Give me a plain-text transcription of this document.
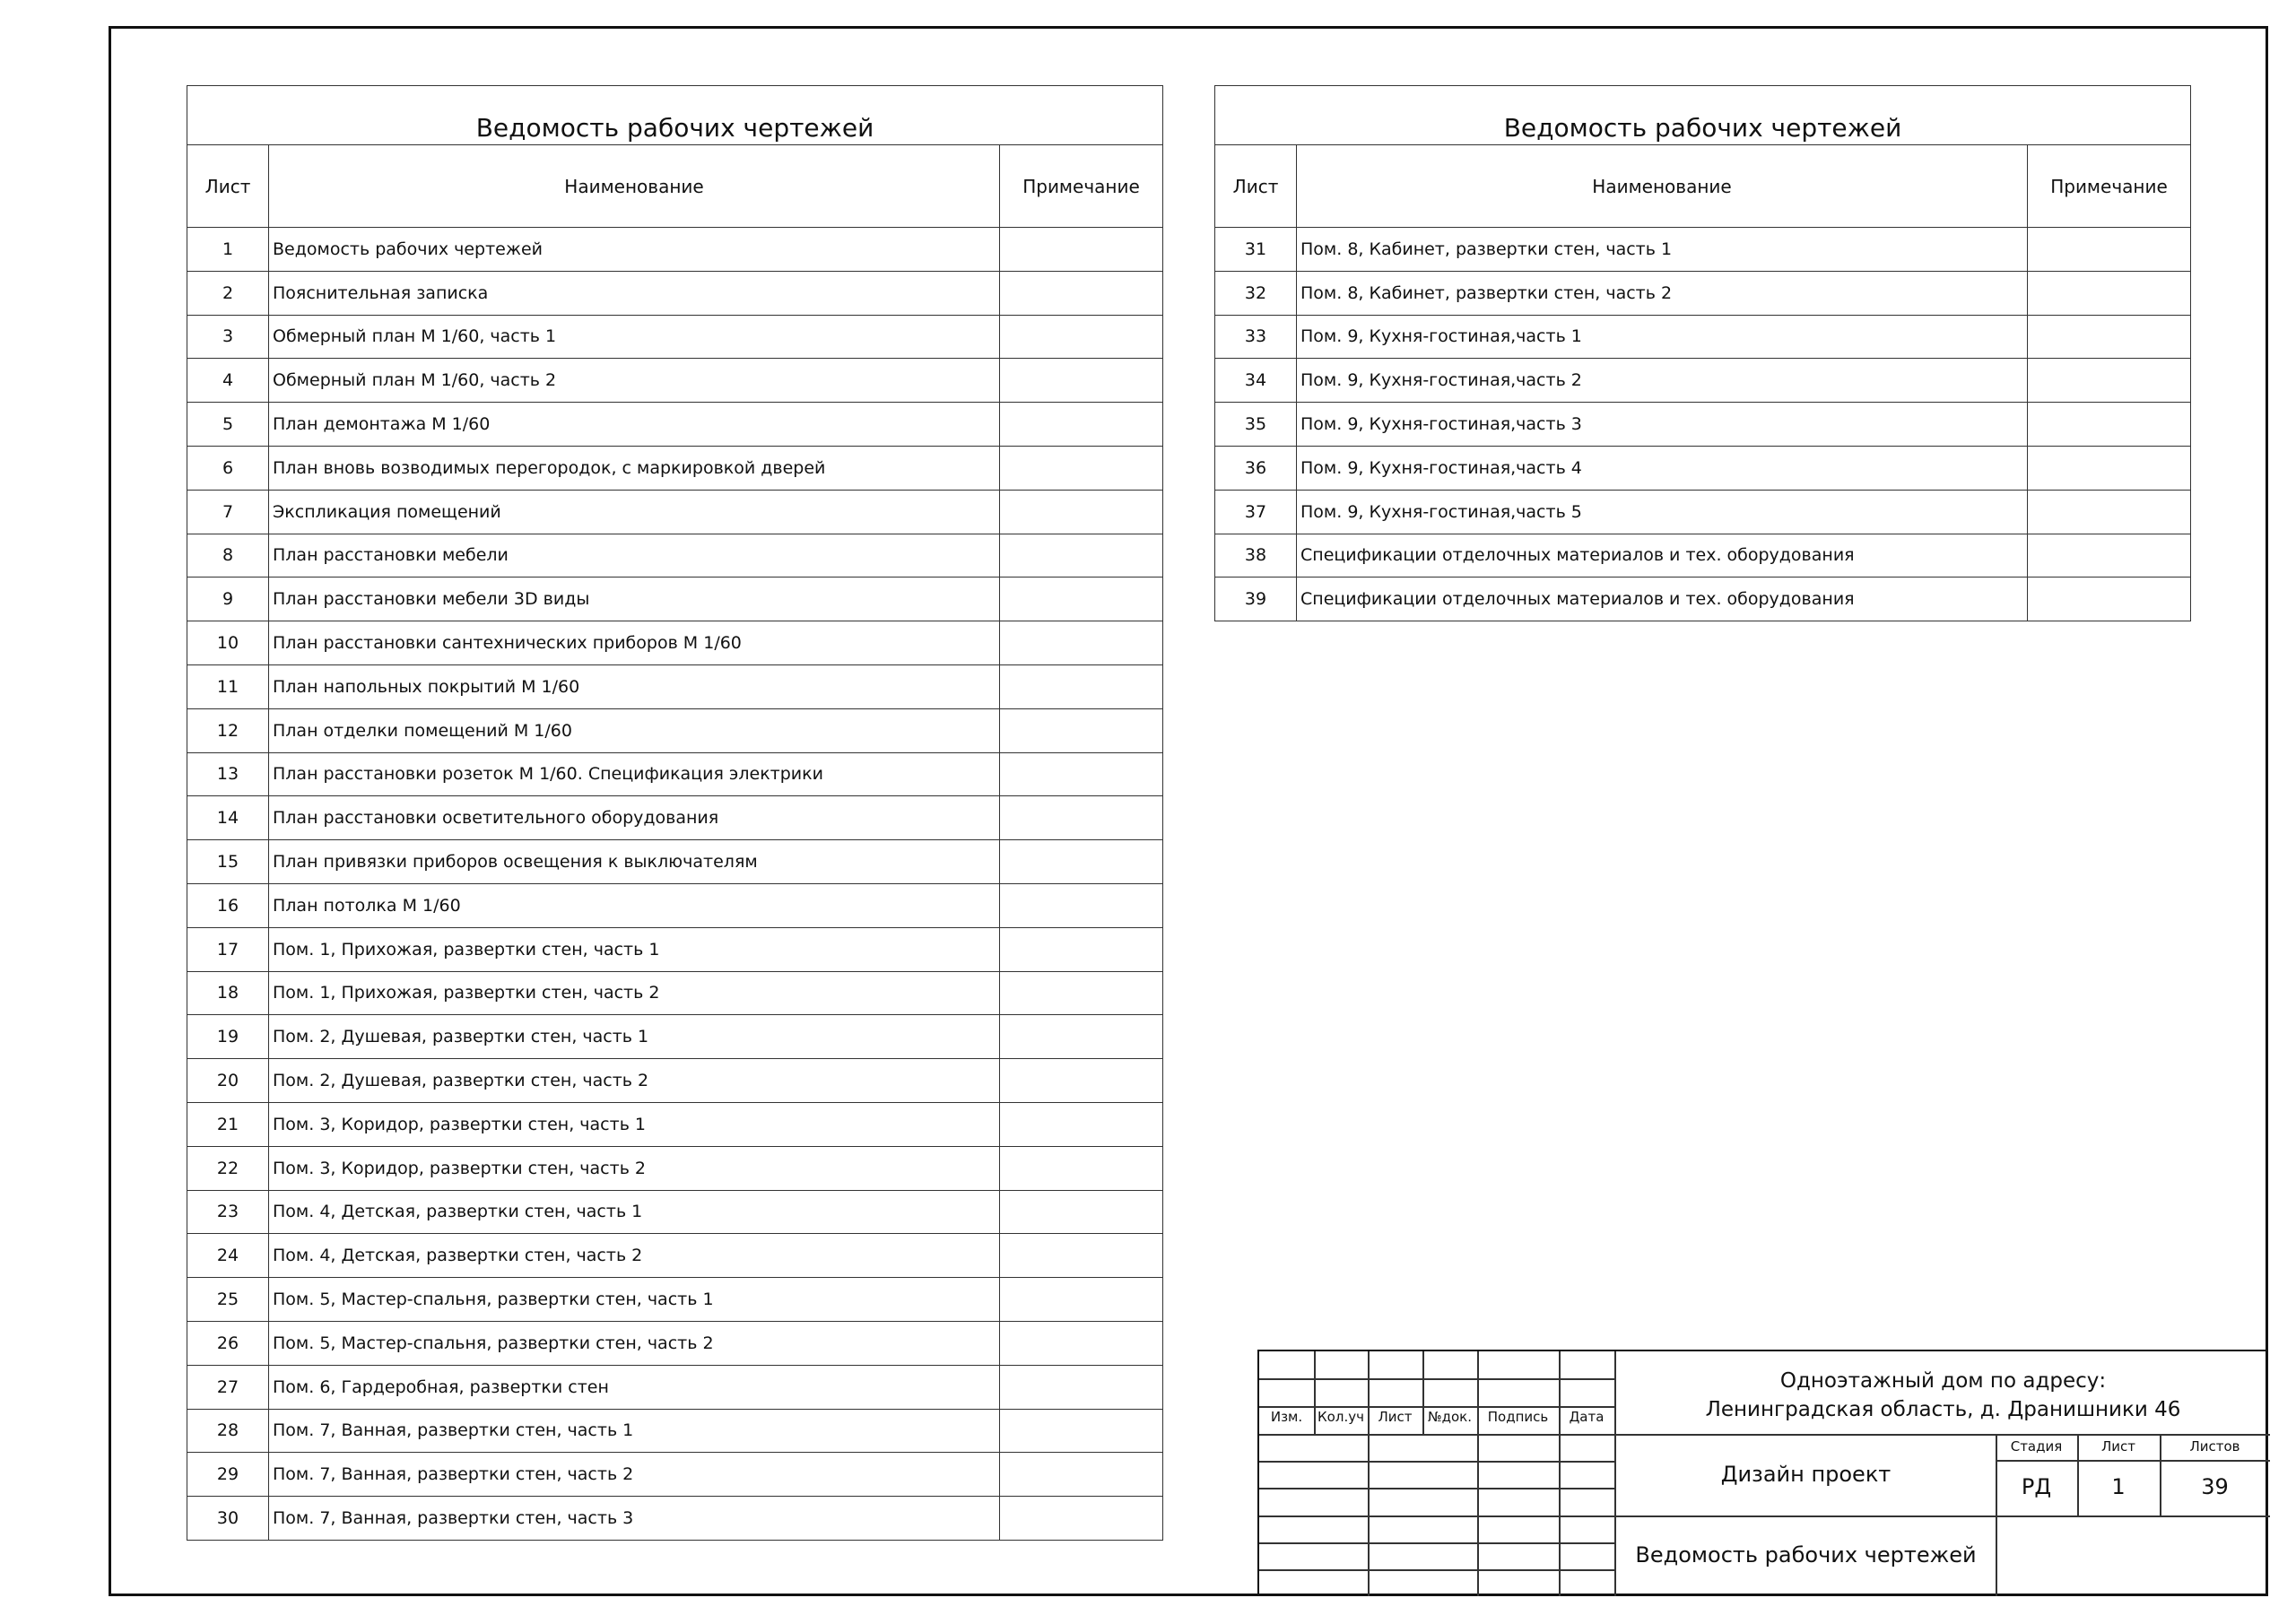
Ведомость рабочих чертежей		
Лист	Наименование	Примечание
1	Ведомость рабочих чертежей	
2	Пояснительная записка	
3	Обмерный план М 1/60, часть 1	
4	Обмерный план М 1/60, часть 2	
5	План демонтажа М 1/60	
6	План вновь возводимых перегородок, с маркировкой дверей	
7	Экспликация помещений	
8	План расстановки мебели	
9	План расстановки мебели 3D виды	
10	План расстановки сантехнических приборов М 1/60	
11	План напольных покрытий М 1/60	
12	План отделки помещений М 1/60	
13	План расстановки розеток М 1/60. Спецификация электрики	
14	План расстановки осветительного оборудования	
15	План привязки приборов освещения к выключателям	
16	План потолка М 1/60	
17	Пом. 1, Прихожая, развертки стен, часть 1	
18	Пом. 1, Прихожая, развертки стен, часть 2	
19	Пом. 2, Душевая, развертки стен, часть 1	
20	Пом. 2, Душевая, развертки стен, часть 2	
21	Пом. 3, Коридор, развертки стен, часть 1	
22	Пом. 3, Коридор, развертки стен, часть 2	
23	Пом. 4, Детская, развертки стен, часть 1	
24	Пом. 4, Детская, развертки стен, часть 2	
25	Пом. 5, Мастер-спальня, развертки стен, часть 1	
26	Пом. 5, Мастер-спальня, развертки стен, часть 2	
27	Пом. 6, Гардеробная, развертки стен	
28	Пом. 7, Ванная, развертки стен, часть 1	
29	Пом. 7, Ванная, развертки стен, часть 2	
30	Пом. 7, Ванная, развертки стен, часть 3	
Ведомость рабочих чертежей		
Лист	Наименование	Примечание
31	Пом. 8, Кабинет, развертки стен, часть 1	
32	Пом. 8, Кабинет, развертки стен, часть 2	
33	Пом. 9, Кухня-гостиная,часть 1	
34	Пом. 9, Кухня-гостиная,часть 2	
35	Пом. 9, Кухня-гостиная,часть 3	
36	Пом. 9, Кухня-гостиная,часть 4	
37	Пом. 9, Кухня-гостиная,часть 5	
38	Спецификации отделочных материалов и тех. оборудования	
39	Спецификации отделочных материалов и тех. оборудования	
Изм.	Кол.уч	Лист	№док.	Подпись	Дата
Одноэтажный дом по адресу:
Ленинградская область, д. Дранишники 46
Дизайн проект
Стадия	Лист	Листов
РД	1	39
Ведомость рабочих чертежей
